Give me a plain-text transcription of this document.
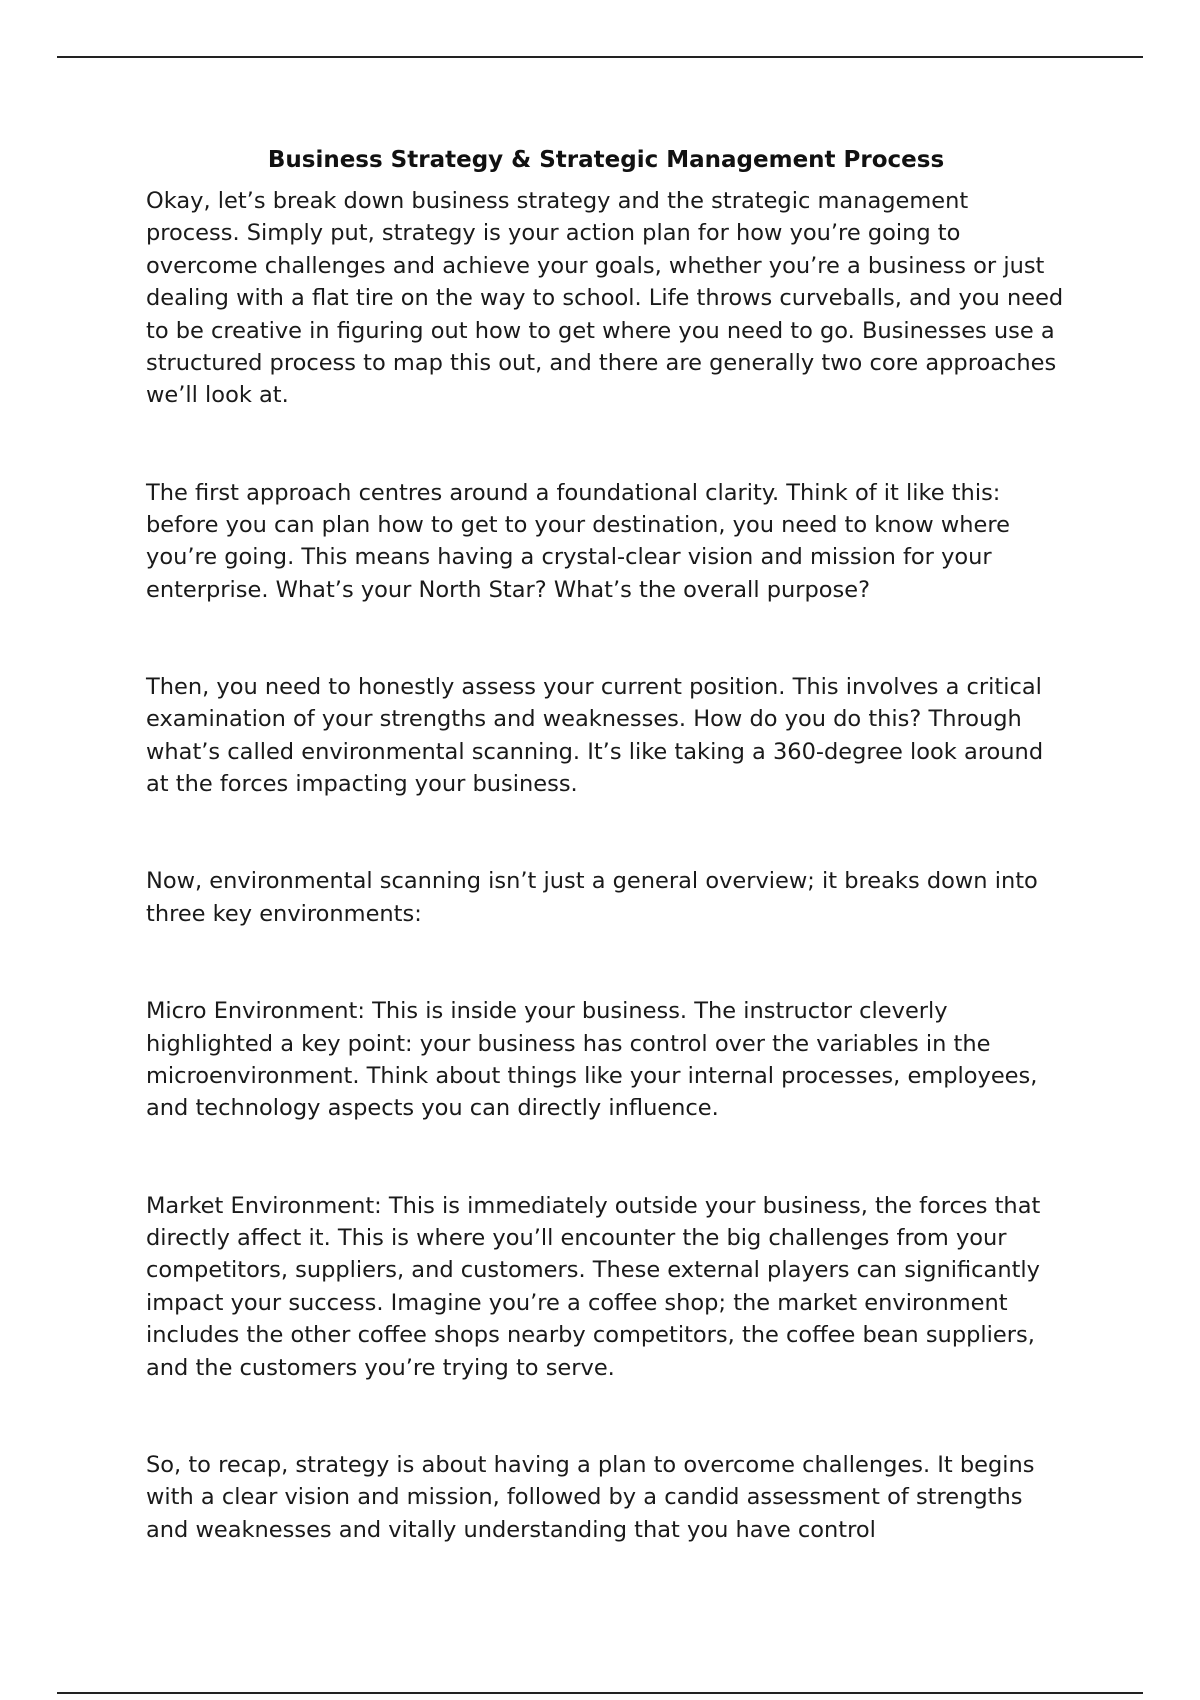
Business Strategy & Strategic Management Process

Okay, let’s break down business strategy and the strategic management process. Simply put, strategy is your action plan for how you’re going to overcome challenges and achieve your goals, whether you’re a business or just dealing with a flat tire on the way to school. Life throws curveballs, and you need to be creative in figuring out how to get where you need to go. Businesses use a structured process to map this out, and there are generally two core approaches we’ll look at.

The first approach centres around a foundational clarity. Think of it like this: before you can plan how to get to your destination, you need to know where you’re going. This means having a crystal-clear vision and mission for your enterprise. What’s your North Star? What’s the overall purpose?

Then, you need to honestly assess your current position. This involves a critical examination of your strengths and weaknesses. How do you do this? Through what’s called environmental scanning. It’s like taking a 360-degree look around at the forces impacting your business.

Now, environmental scanning isn’t just a general overview; it breaks down into three key environments:

Micro Environment: This is inside your business. The instructor cleverly highlighted a key point: your business has control over the variables in the microenvironment. Think about things like your internal processes, employees, and technology aspects you can directly influence.

Market Environment: This is immediately outside your business, the forces that directly affect it. This is where you’ll encounter the big challenges from your competitors, suppliers, and customers. These external players can significantly impact your success. Imagine you’re a coffee shop; the market environment includes the other coffee shops nearby competitors, the coffee bean suppliers, and the customers you’re trying to serve.

So, to recap, strategy is about having a plan to overcome challenges. It begins with a clear vision and mission, followed by a candid assessment of strengths and weaknesses and vitally understanding that you have control
